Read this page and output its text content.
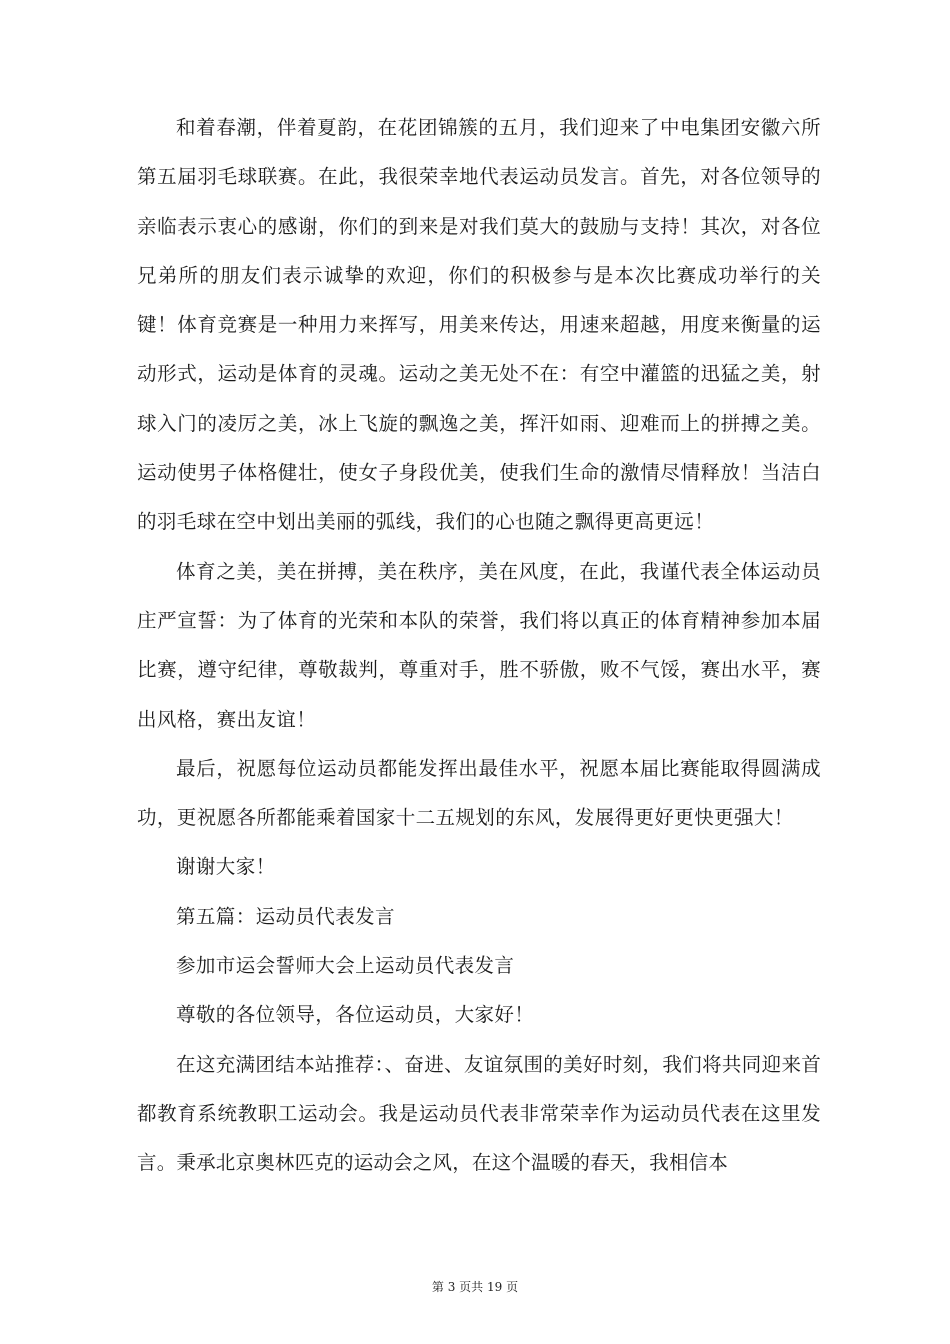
和着春潮，伴着夏韵，在花团锦簇的五月，我们迎来了中电集团安徽六所第五届羽毛球联赛。在此，我很荣幸地代表运动员发言。首先，对各位领导的亲临表示衷心的感谢，你们的到来是对我们莫大的鼓励与支持！其次，对各位兄弟所的朋友们表示诚挚的欢迎，你们的积极参与是本次比赛成功举行的关键！体育竞赛是一种用力来挥写，用美来传达，用速来超越，用度来衡量的运动形式，运动是体育的灵魂。运动之美无处不在：有空中灌篮的迅猛之美，射球入门的凌厉之美，冰上飞旋的飘逸之美，挥汗如雨、迎难而上的拼搏之美。运动使男子体格健壮，使女子身段优美，使我们生命的激情尽情释放！当洁白的羽毛球在空中划出美丽的弧线，我们的心也随之飘得更高更远！

体育之美，美在拼搏，美在秩序，美在风度，在此，我谨代表全体运动员庄严宣誓：为了体育的光荣和本队的荣誉，我们将以真正的体育精神参加本届比赛，遵守纪律，尊敬裁判，尊重对手，胜不骄傲，败不气馁，赛出水平，赛出风格，赛出友谊！

最后，祝愿每位运动员都能发挥出最佳水平，祝愿本届比赛能取得圆满成功，更祝愿各所都能乘着国家十二五规划的东风，发展得更好更快更强大！

谢谢大家！

第五篇：运动员代表发言

参加市运会誓师大会上运动员代表发言

尊敬的各位领导，各位运动员，大家好！

在这充满团结本站推荐：、奋进、友谊氛围的美好时刻，我们将共同迎来首都教育系统教职工运动会。我是运动员代表非常荣幸作为运动员代表在这里发言。秉承北京奥林匹克的运动会之风，在这个温暖的春天，我相信本

第 3 页共 19 页
